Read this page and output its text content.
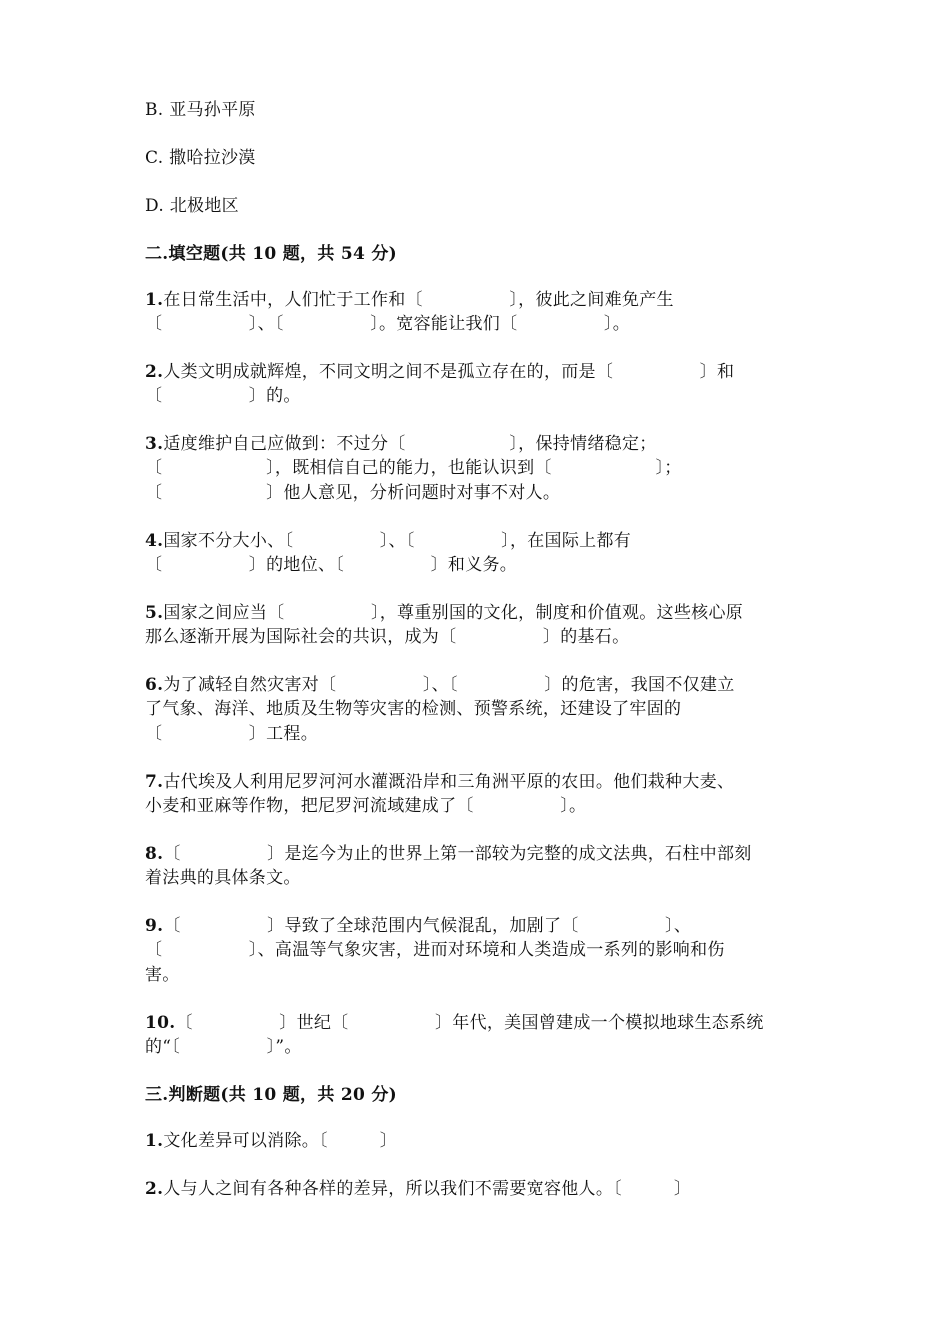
B. 亚马孙平原
C. 撒哈拉沙漠
D. 北极地区
二.填空题(共 10 题，共 54 分)
1.在日常生活中，人们忙于工作和〔　　　　　〕，彼此之间难免产生
〔　　　　　〕、〔　　　　　〕。宽容能让我们〔　　　　　〕。
2.人类文明成就辉煌，不同文明之间不是孤立存在的，而是〔　　　　　〕和
〔　　　　　〕的。
3.适度维护自己应做到：不过分〔　　　　　　〕，保持情绪稳定；
〔　　　　　　〕，既相信自己的能力，也能认识到〔　　　　　　〕；
〔　　　　　　〕他人意见，分析问题时对事不对人。
4.国家不分大小、〔　　　　　〕、〔　　　　　〕，在国际上都有
〔　　　　　〕的地位、〔　　　　　〕和义务。
5.国家之间应当〔　　　　　〕，尊重别国的文化，制度和价值观。这些核心原
那么逐渐开展为国际社会的共识，成为〔　　　　　〕的基石。
6.为了减轻自然灾害对〔　　　　　〕、〔　　　　　〕的危害，我国不仅建立
了气象、海洋、地质及生物等灾害的检测、预警系统，还建设了牢固的
〔　　　　　〕工程。
7.古代埃及人利用尼罗河河水灌溉沿岸和三角洲平原的农田。他们栽种大麦、
小麦和亚麻等作物，把尼罗河流域建成了〔　　　　　〕。
8.〔　　　　　〕是迄今为止的世界上第一部较为完整的成文法典，石柱中部刻
着法典的具体条文。
9.〔　　　　　〕导致了全球范围内气候混乱，加剧了〔　　　　　〕、
〔　　　　　〕、高温等气象灾害，进而对环境和人类造成一系列的影响和伤
害。
10.〔　　　　　〕世纪〔　　　　　〕年代，美国曾建成一个模拟地球生态系统
的“〔　　　　　〕”。
三.判断题(共 10 题，共 20 分)
1.文化差异可以消除。〔　　　〕
2.人与人之间有各种各样的差异，所以我们不需要宽容他人。〔　　　〕
